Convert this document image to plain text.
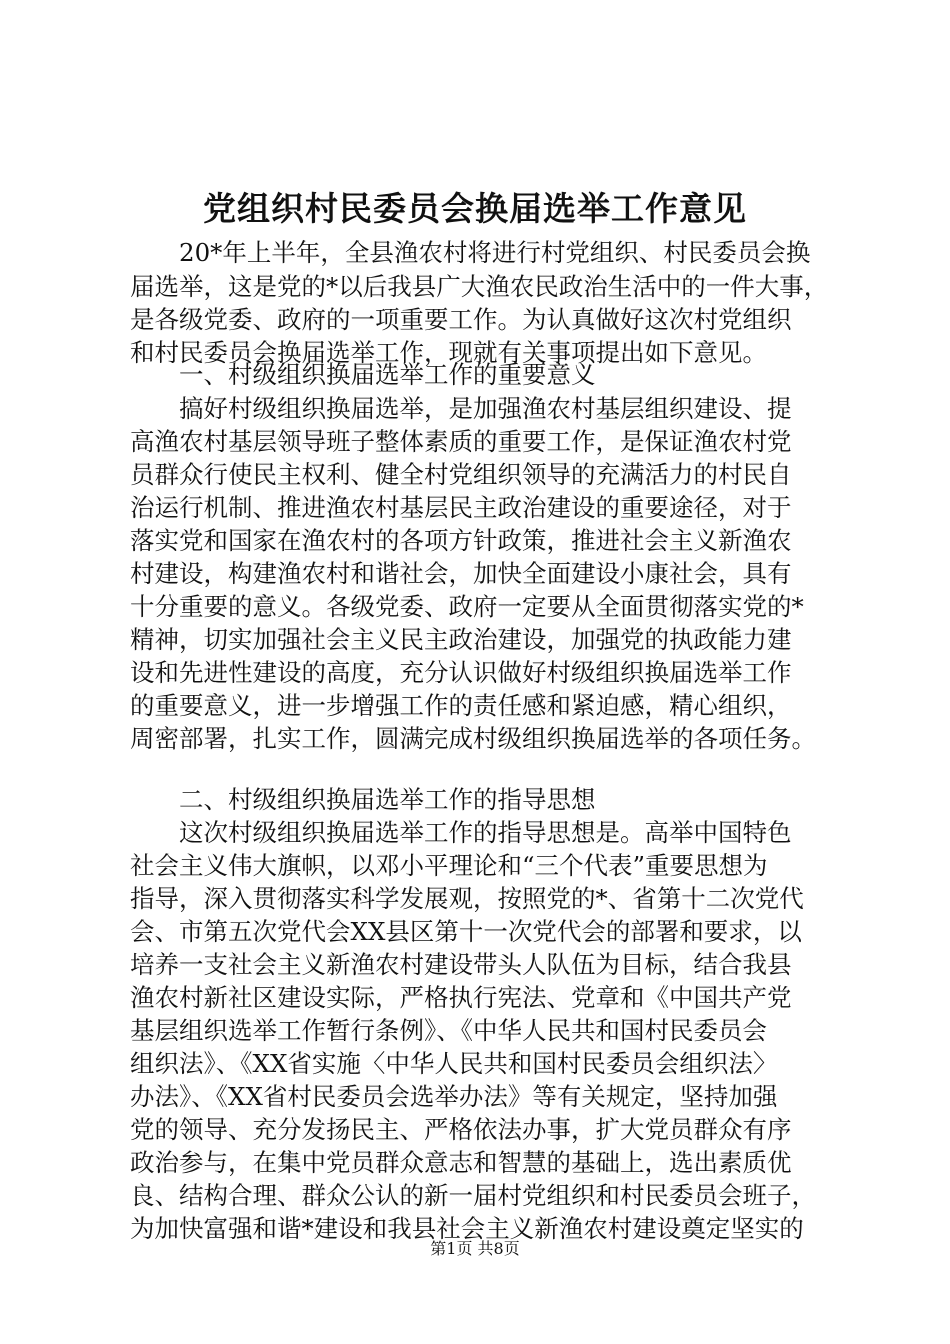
党组织村民委员会换届选举工作意见
　　20*年上半年，全县渔农村将进行村党组织、村民委员会换
届选举，这是党的*以后我县广大渔农民政治生活中的一件大事，
是各级党委、政府的一项重要工作。为认真做好这次村党组织
和村民委员会换届选举工作，现就有关事项提出如下意见。
　　一、村级组织换届选举工作的重要意义
　　搞好村级组织换届选举，是加强渔农村基层组织建设、提
高渔农村基层领导班子整体素质的重要工作，是保证渔农村党
员群众行使民主权利、健全村党组织领导的充满活力的村民自
治运行机制、推进渔农村基层民主政治建设的重要途径，对于
落实党和国家在渔农村的各项方针政策，推进社会主义新渔农
村建设，构建渔农村和谐社会，加快全面建设小康社会，具有
十分重要的意义。各级党委、政府一定要从全面贯彻落实党的*
精神，切实加强社会主义民主政治建设，加强党的执政能力建
设和先进性建设的高度，充分认识做好村级组织换届选举工作
的重要意义，进一步增强工作的责任感和紧迫感，精心组织，
周密部署，扎实工作，圆满完成村级组织换届选举的各项任务。
　　二、村级组织换届选举工作的指导思想
　　这次村级组织换届选举工作的指导思想是。高举中国特色
社会主义伟大旗帜，以邓小平理论和“三个代表”重要思想为
指导，深入贯彻落实科学发展观，按照党的*、省第十二次党代
会、市第五次党代会XX县区第十一次党代会的部署和要求，以
培养一支社会主义新渔农村建设带头人队伍为目标，结合我县
渔农村新社区建设实际，严格执行宪法、党章和《中国共产党
基层组织选举工作暂行条例》、《中华人民共和国村民委员会
组织法》、《XX省实施〈中华人民共和国村民委员会组织法〉
办法》、《XX省村民委员会选举办法》等有关规定，坚持加强
党的领导、充分发扬民主、严格依法办事，扩大党员群众有序
政治参与，在集中党员群众意志和智慧的基础上，选出素质优
良、结构合理、群众公认的新一届村党组织和村民委员会班子，
为加快富强和谐*建设和我县社会主义新渔农村建设奠定坚实的
第1页 共8页
